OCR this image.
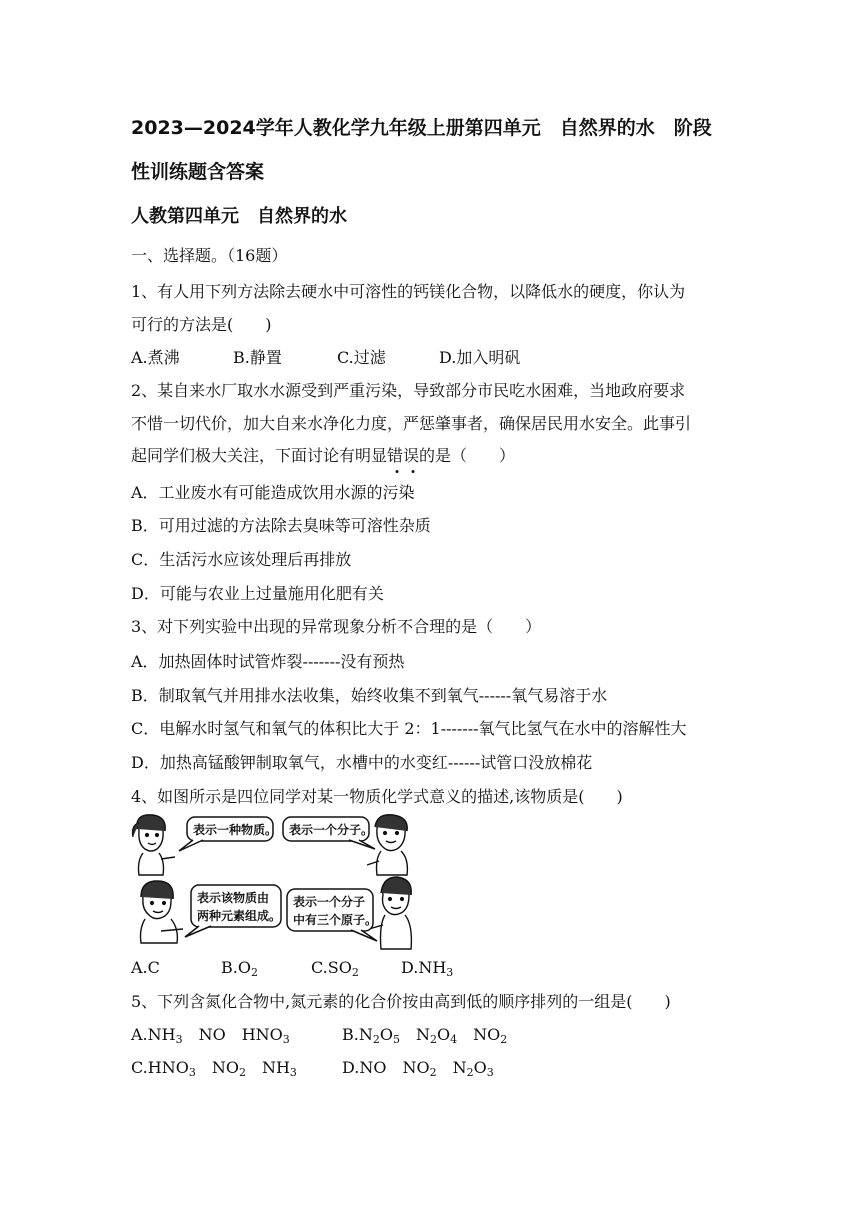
2023—2024学年人教化学九年级上册第四单元　自然界的水　阶段
性训练题含答案
人教第四单元　自然界的水
一、选择题。（16题）
1、有人用下列方法除去硬水中可溶性的钙镁化合物，以降低水的硬度，你认为
可行的方法是(　　)
A.煮沸	B.静置	C.过滤	D.加入明矾
2、某自来水厂取水水源受到严重污染，导致部分市民吃水困难，当地政府要求
不惜一切代价，加大自来水净化力度，严惩肇事者，确保居民用水安全。此事引
起同学们极大关注，下面讨论有明显错误的是（　　）
A．工业废水有可能造成饮用水源的污染
B．可用过滤的方法除去臭味等可溶性杂质
C．生活污水应该处理后再排放
D．可能与农业上过量施用化肥有关
3、对下列实验中出现的异常现象分析不合理的是（　　）
A．加热固体时试管炸裂-------没有预热
B．制取氧气并用排水法收集，始终收集不到氧气------氧气易溶于水
C．电解水时氢气和氧气的体积比大于 2：1-------氧气比氢气在水中的溶解性大
D．加热高锰酸钾制取氧气，水槽中的水变红------试管口没放棉花
4、如图所示是四位同学对某一物质化学式意义的描述,该物质是(　　)
表示一种物质。 表示一个分子。
表示该物质由
两种元素组成。
表示一个分子
中有三个原子。
A.C	$B.O_2$	$C.SO_2$	$D.NH_3$
5、下列含氮化合物中,氮元素的化合价按由高到低的顺序排列的一组是(　　)
$A.NH_3$　NO　$HNO_3$	$B.N_2O_5$　$N_2O_4$　$NO_2$
$C.HNO_3$　$NO_2$　$NH_3$	D.NO　$NO_2$　$N_2O_3$
